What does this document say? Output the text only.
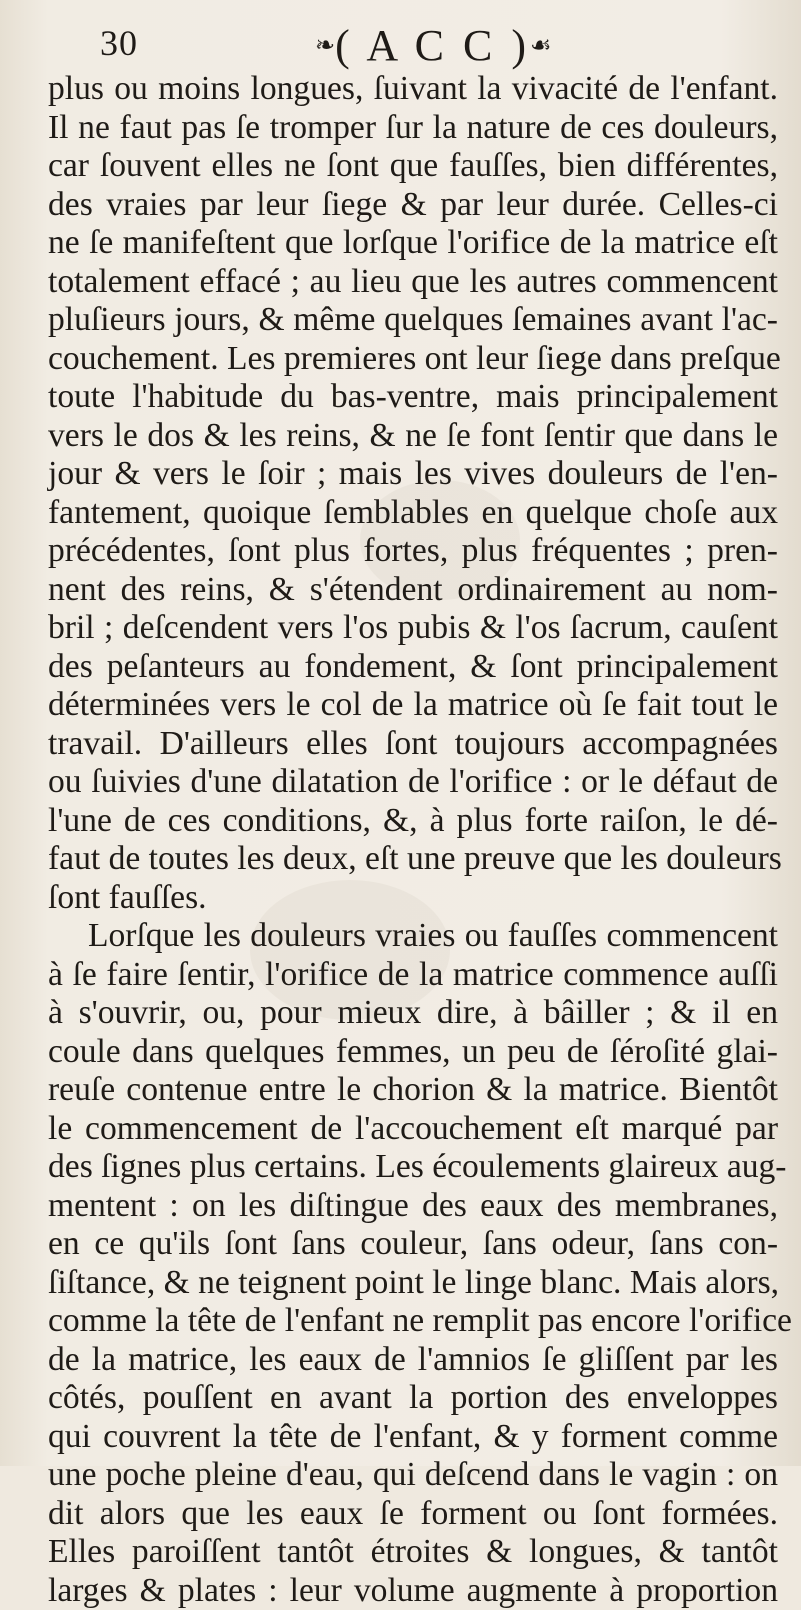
30	❧( A C C )☙
plus ou moins longues, ſuivant la vivacité de l'enfant.
Il ne faut pas ſe tromper ſur la nature de ces douleurs,
car ſouvent elles ne ſont que fauſſes, bien différentes,
des vraies par leur ſiege & par leur durée. Celles-ci
ne ſe manifeſtent que lorſque l'orifice de la matrice eſt
totalement effacé ; au lieu que les autres commencent
pluſieurs jours, & même quelques ſemaines avant l'ac-
couchement. Les premieres ont leur ſiege dans preſque
toute l'habitude du bas-ventre, mais principalement
vers le dos & les reins, & ne ſe font ſentir que dans le
jour & vers le ſoir ; mais les vives douleurs de l'en-
fantement, quoique ſemblables en quelque choſe aux
précédentes, ſont plus fortes, plus fréquentes ; pren-
nent des reins, & s'étendent ordinairement au nom-
bril ; deſcendent vers l'os pubis & l'os ſacrum, cauſent
des peſanteurs au fondement, & ſont principalement
déterminées vers le col de la matrice où ſe fait tout le
travail. D'ailleurs elles ſont toujours accompagnées
ou ſuivies d'une dilatation de l'orifice : or le défaut de
l'une de ces conditions, &, à plus forte raiſon, le dé-
faut de toutes les deux, eſt une preuve que les douleurs
ſont fauſſes.
Lorſque les douleurs vraies ou fauſſes commencent
à ſe faire ſentir, l'orifice de la matrice commence auſſi
à s'ouvrir, ou, pour mieux dire, à bâiller ; & il en
coule dans quelques femmes, un peu de ſéroſité glai-
reuſe contenue entre le chorion & la matrice. Bientôt
le commencement de l'accouchement eſt marqué par
des ſignes plus certains. Les écoulements glaireux aug-
mentent : on les diſtingue des eaux des membranes,
en ce qu'ils ſont ſans couleur, ſans odeur, ſans con-
ſiſtance, & ne teignent point le linge blanc. Mais alors,
comme la tête de l'enfant ne remplit pas encore l'orifice
de la matrice, les eaux de l'amnios ſe gliſſent par les
côtés, pouſſent en avant la portion des enveloppes
qui couvrent la tête de l'enfant, & y forment comme
une poche pleine d'eau, qui deſcend dans le vagin : on
dit alors que les eaux ſe forment ou ſont formées.
Elles paroiſſent tantôt étroites & longues, & tantôt
larges & plates : leur volume augmente à proportion
